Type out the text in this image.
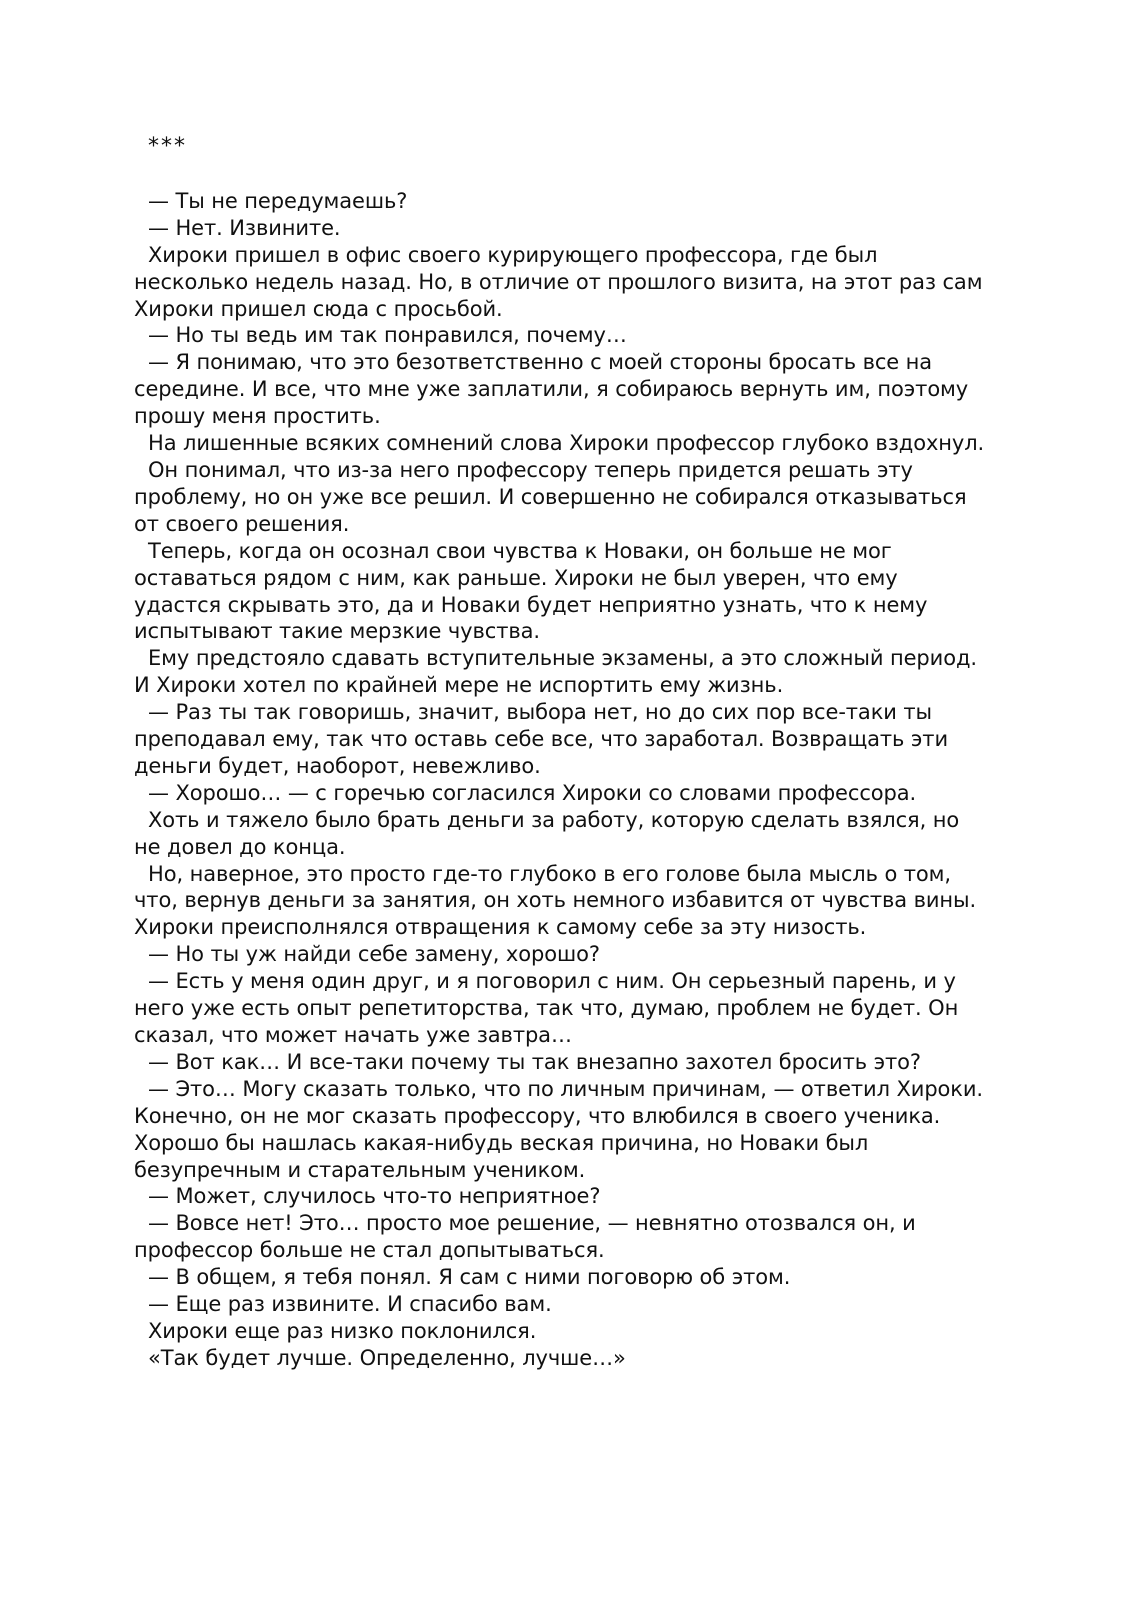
***

— Ты не передумаешь?

— Нет. Извините.

Хироки пришел в офис своего курирующего профессора, где был несколько недель назад. Но, в отличие от прошлого визита, на этот раз сам Хироки пришел сюда с просьбой.

— Но ты ведь им так понравился, почему…

— Я понимаю, что это безответственно с моей стороны бросать все на середине. И все, что мне уже заплатили, я собираюсь вернуть им, поэтому прошу меня простить.

На лишенные всяких сомнений слова Хироки профессор глубоко вздохнул.

Он понимал, что из-за него профессору теперь придется решать эту проблему, но он уже все решил. И совершенно не собирался отказываться от своего решения.

Теперь, когда он осознал свои чувства к Новаки, он больше не мог оставаться рядом с ним, как раньше. Хироки не был уверен, что ему удастся скрывать это, да и Новаки будет неприятно узнать, что к нему испытывают такие мерзкие чувства.

Ему предстояло сдавать вступительные экзамены, а это сложный период. И Хироки хотел по крайней мере не испортить ему жизнь.

— Раз ты так говоришь, значит, выбора нет, но до сих пор все-таки ты преподавал ему, так что оставь себе все, что заработал. Возвращать эти деньги будет, наоборот, невежливо.

— Хорошо… — с горечью согласился Хироки со словами профессора.

Хоть и тяжело было брать деньги за работу, которую сделать взялся, но не довел до конца.

Но, наверное, это просто где-то глубоко в его голове была мысль о том, что, вернув деньги за занятия, он хоть немного избавится от чувства вины. Хироки преисполнялся отвращения к самому себе за эту низость.

— Но ты уж найди себе замену, хорошо?

— Есть у меня один друг, и я поговорил с ним. Он серьезный парень, и у него уже есть опыт репетиторства, так что, думаю, проблем не будет. Он сказал, что может начать уже завтра…

— Вот как… И все-таки почему ты так внезапно захотел бросить это?

— Это… Могу сказать только, что по личным причинам, — ответил Хироки. Конечно, он не мог сказать профессору, что влюбился в своего ученика. Хорошо бы нашлась какая-нибудь веская причина, но Новаки был безупречным и старательным учеником.

— Может, случилось что-то неприятное?

— Вовсе нет! Это… просто мое решение, — невнятно отозвался он, и профессор больше не стал допытываться.

— В общем, я тебя понял. Я сам с ними поговорю об этом.

— Еще раз извините. И спасибо вам.

Хироки еще раз низко поклонился.

«Так будет лучше. Определенно, лучше…»
